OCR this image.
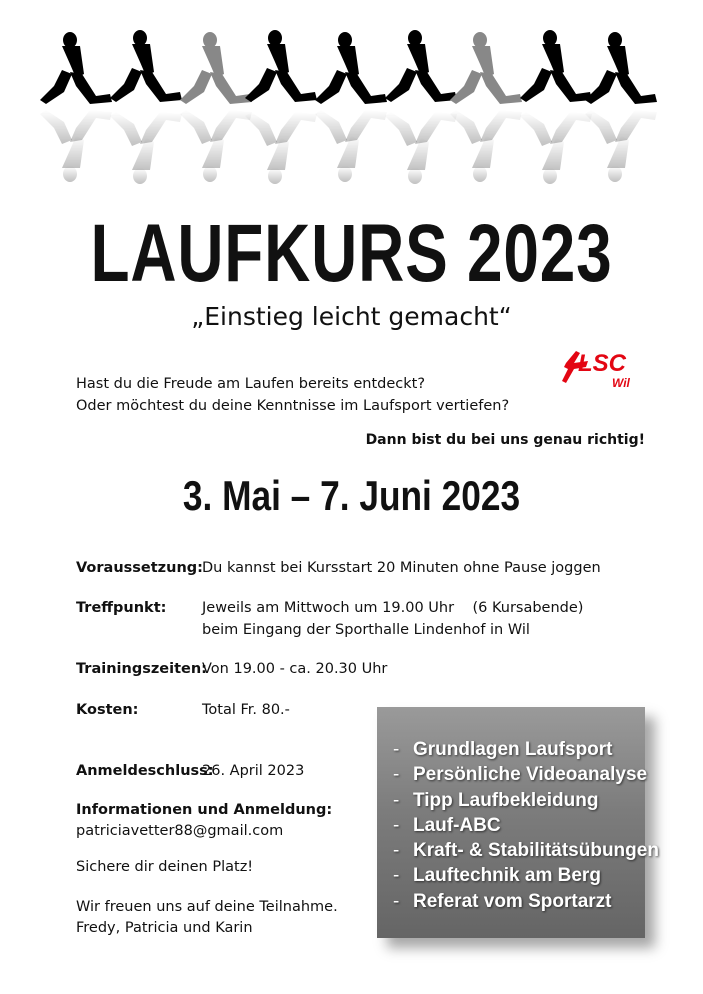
LSC
Wil
LAUFKURS 2023
„Einstieg leicht gemacht“
Hast du die Freude am Laufen bereits entdeckt?
Oder möchtest du deine Kenntnisse im Laufsport vertiefen?
Dann bist du bei uns genau richtig!
3. Mai – 7. Juni 2023
Voraussetzung: Du kannst bei Kursstart 20 Minuten ohne Pause joggen
Treffpunkt:	Jeweils am Mittwoch um 19.00 Uhr    (6 Kursabende)
beim Eingang der Sporthalle Lindenhof in Wil
Trainingszeiten:
Von 19.00 - ca. 20.30 Uhr
Kosten:	Total Fr. 80.-
Anmeldeschluss:
26. April 2023
Informationen und Anmeldung:
patriciavetter88@gmail.com
Sichere dir deinen Platz!
Wir freuen uns auf deine Teilnahme.
Fredy, Patricia und Karin
- Grundlagen Laufsport
- Persönliche Videoanalyse
- Tipp Laufbekleidung
- Lauf-ABC
- Kraft- & Stabilitätsübungen
- Lauftechnik am Berg
- Referat vom Sportarzt
